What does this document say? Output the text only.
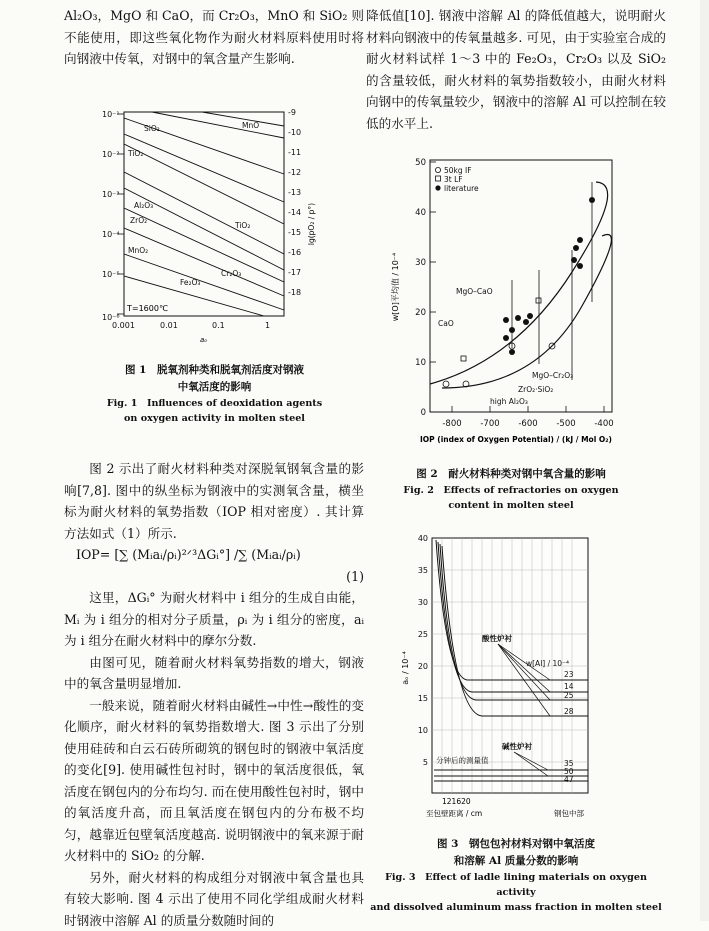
Al₂O₃，MgO 和 CaO，而 Cr₂O₃，MnO 和 SiO₂ 则不能使用，即这些氧化物作为耐火材料原料使用时将向钢液中传氧，对钢中的氧含量产生影响.

10⁻¹
10⁻²
10⁻³
10⁻⁴
10⁻⁵
10⁻⁶
-9
-10
-11
-12
-13
-14
-15
-16
-17
-18
lg(pO₂ / p°)
0.001	0.01	0.1	1
aₒ
SiO₂	MnO
TiO₂
Al₂O₃
ZrO₂
TiO₂
MnO₂
Cr₂O₃
Fe₂O₃
T=1600℃
图 1　脱氧剂种类和脱氧剂活度对钢液
中氧活度的影响
Fig. 1　Influences of deoxidation agents
on oxygen activity in molten steel

图 2 示出了耐火材料种类对深脱氧钢氧含量的影响[7,8]. 图中的纵坐标为钢液中的实测氧含量，横坐标为耐火材料的氧势指数（IOP 相对密度）. 其计算方法如式（1）所示.

IOP= [∑ (Mᵢaᵢ/ρᵢ)²ᐟ³ΔGᵢ°] /∑ (Mᵢaᵢ/ρᵢ)

(1)

这里，ΔGᵢ° 为耐火材料中 i 组分的生成自由能，Mᵢ 为 i 组分的相对分子质量，ρᵢ 为 i 组分的密度，aᵢ 为 i 组分在耐火材料中的摩尔分数.

由图可见，随着耐火材料氧势指数的增大，钢液中的氧含量明显增加.

一般来说，随着耐火材料由碱性→中性→酸性的变化顺序，耐火材料的氧势指数增大. 图 3 示出了分别使用硅砖和白云石砖所砌筑的钢包时的钢液中氧活度的变化[9]. 使用碱性包衬时，钢中的氧活度很低，氧活度在钢包内的分布均匀. 而在使用酸性包衬时，钢中的氧活度升高，而且氧活度在钢包内的分布极不均匀，越靠近包壁氧活度越高. 说明钢液中的氧来源于耐火材料中的 SiO₂ 的分解.

另外，耐火材料的构成组分对钢液中氧含量也具有较大影响. 图 4 示出了使用不同化学组成耐火材料时钢液中溶解 Al 的质量分数随时间的

降低值[10]. 钢液中溶解 Al 的降低值越大，说明耐火材料向钢液中的传氧量越多. 可见，由于实验室合成的耐火材料试样 1～3 中的 Fe₂O₃，Cr₂O₃ 以及 SiO₂ 的含量较低，耐火材料的氧势指数较小，由耐火材料向钢中的传氧量较少，钢液中的溶解 Al 可以控制在较低的水平上.

0
10
20
30
40
50
-800 -700 -600 -500 -400
w[O]平均值 / 10⁻⁴
IOP (index of Oxygen Potential) / (kJ / Mol O₂)
50kg IF
3t LF
literature
MgO–CaO
CaO
MgO–Cr₂O₃
ZrO₂·SiO₂
high Al₂O₃
图 2　耐火材料种类对钢中氧含量的影响
Fig. 2　Effects of refractories on oxygen
content in molten steel
40
35
30
25
20
15
10
5
aₒ / 10⁻⁴
酸性炉衬
w[Al] / 10⁻⁴
23
14
25
28
碱性炉衬
35
50
47
分钟后的测量值
121620
至包壁距离 / cm	钢包中部
图 3　钢包包衬材料对钢中氧活度
和溶解 Al 质量分数的影响
Fig. 3　Effect of ladle lining materials on oxygen activity
and dissolved aluminum mass fraction in molten steel
